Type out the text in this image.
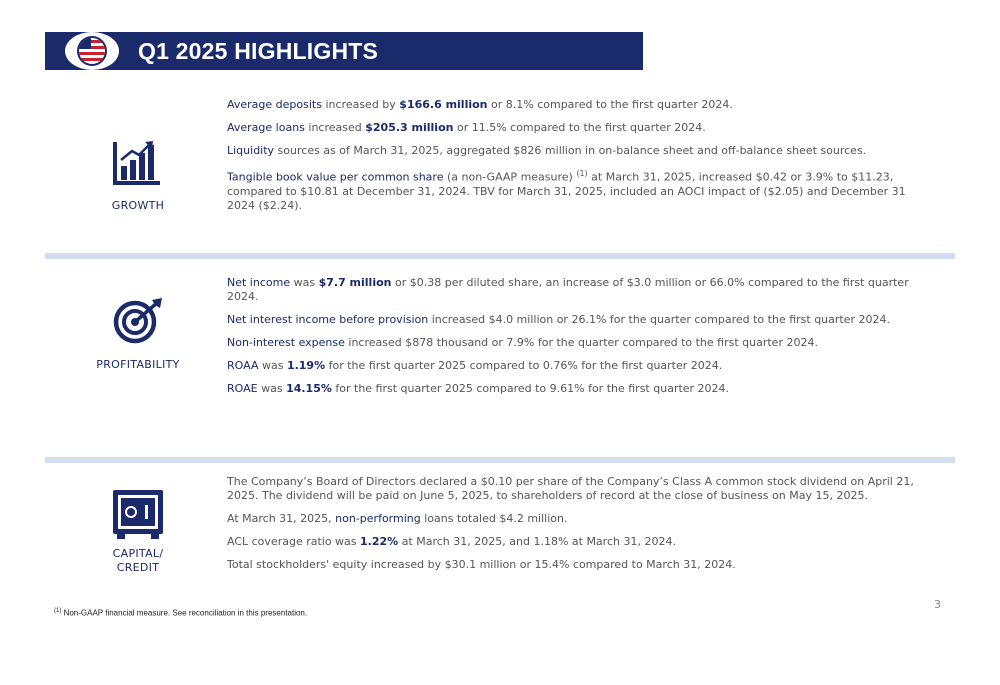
Q1 2025 HIGHLIGHTS
GROWTH
Average deposits increased by $166.6 million or 8.1% compared to the first quarter 2024.
Average loans increased $205.3 million or 11.5% compared to the first quarter 2024.
Liquidity sources as of March 31, 2025, aggregated $826 million in on-balance sheet and off-balance sheet sources.
Tangible book value per common share (a non-GAAP measure) $^{(1)}$ at March 31, 2025, increased $0.42 or 3.9% to $11.23, compared to $10.81 at December 31, 2024. TBV for March 31, 2025, included an AOCI impact of ($2.05) and December 31 2024 ($2.24).
PROFITABILITY
Net income was $7.7 million or $0.38 per diluted share, an increase of $3.0 million or 66.0% compared to the first quarter 2024.
Net interest income before provision increased $4.0 million or 26.1% for the quarter compared to the first quarter 2024.
Non-interest expense increased $878 thousand or 7.9% for the quarter compared to the first quarter 2024.
ROAA was 1.19% for the first quarter 2025 compared to 0.76% for the first quarter 2024.
ROAE was 14.15% for the first quarter 2025 compared to 9.61% for the first quarter 2024.
CAPITAL/
CREDIT
The Company’s Board of Directors declared a $0.10 per share of the Company’s Class A common stock dividend on April 21, 2025. The dividend will be paid on June 5, 2025, to shareholders of record at the close of business on May 15, 2025.
At March 31, 2025, non-performing loans totaled $4.2 million.
ACL coverage ratio was 1.22% at March 31, 2025, and 1.18% at March 31, 2024.
Total stockholders' equity increased by $30.1 million or 15.4% compared to March 31, 2024.
$^{(1)}$ Non-GAAP financial measure. See reconciliation in this presentation.
3
